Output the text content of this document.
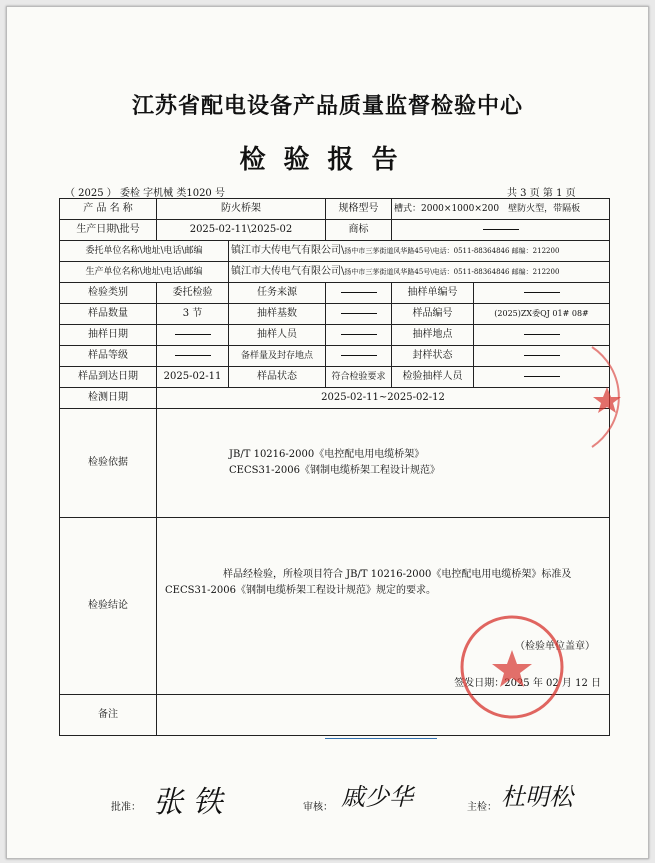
江苏省配电设备产品质量监督检验中心
检验报告
（ 2025 ） 委检 字机械 类1020 号	共 3 页 第 1 页
产 品 名 称	防火桥架		规格型号	槽式：2000×1000×200　壁防火型，带隔板	
生产日期\批号	2025-02-11\2025-02		商标		
委托单位名称\地址\电话\邮编		镇江市大传电气有限公司\扬中市三茅街道风华路45号\电话：0511-88364846 邮编：212200			
生产单位名称\地址\电话\邮编		镇江市大传电气有限公司\扬中市三茅街道风华路45号\电话：0511-88364846 邮编：212200			
检验类别	委托检验	任务来源		抽样单编号	
样品数量	3 节	抽样基数		样品编号	(2025)ZX委QJ 01# 08#
抽样日期		抽样人员		抽样地点	
样品等级		备样量及封存地点		封样状态	
样品到达日期	2025-02-11	样品状态	符合检验要求	检验抽样人员	
检测日期	2025-02-11~2025-02-12				
检验依据	JB/T 10216-2000《电控配电用电缆桥架》
CECS31-2006《钢制电缆桥架工程设计规范》				

检验结论	样品经检验，所检项目符合 JB/T 10216-2000《电控配电用电缆桥架》标准及CECS31-2006《钢制电缆桥架工程设计规范》规定的要求。

（检验单位盖章）
签发日期：2025 年 02 月 12 日				

备注					
批准： 张 铁	审核： 戚少华	主检： 杜明松
